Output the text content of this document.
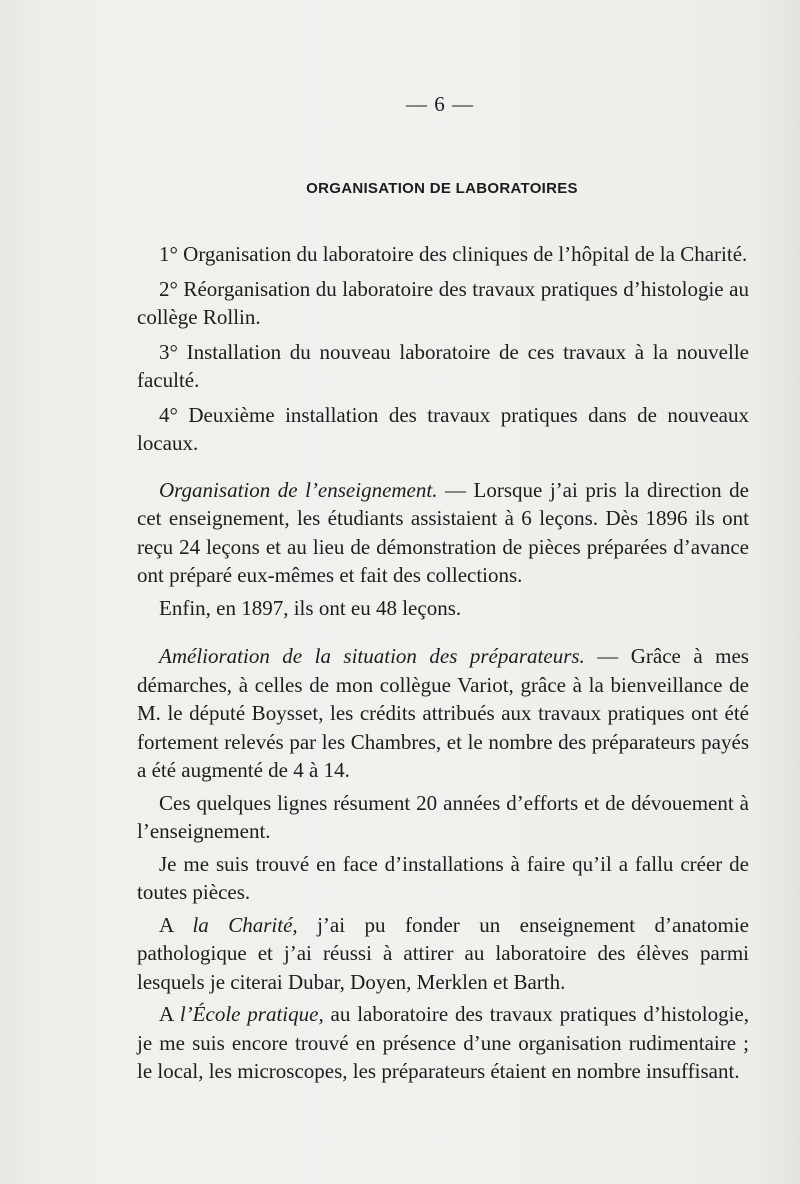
— 6 —
ORGANISATION DE LABORATOIRES

1° Organisation du laboratoire des cliniques de l’hôpital de la Charité.

2° Réorganisation du laboratoire des travaux pratiques d’histologie au collège Rollin.

3° Installation du nouveau laboratoire de ces travaux à la nouvelle faculté.

4° Deuxième installation des travaux pratiques dans de nouveaux locaux.

Organisation de l’enseignement. — Lorsque j’ai pris la direction de cet enseignement, les étudiants assistaient à 6 leçons. Dès 1896 ils ont reçu 24 leçons et au lieu de démonstration de pièces préparées d’avance ont préparé eux-mêmes et fait des collections.

Enfin, en 1897, ils ont eu 48 leçons.

Amélioration de la situation des préparateurs. — Grâce à mes démarches, à celles de mon collègue Variot, grâce à la bienveillance de M. le député Boysset, les crédits attribués aux travaux pratiques ont été fortement relevés par les Chambres, et le nombre des préparateurs payés a été augmenté de 4 à 14.

Ces quelques lignes résument 20 années d’efforts et de dévouement à l’enseignement.

Je me suis trouvé en face d’installations à faire qu’il a fallu créer de toutes pièces.

A la Charité, j’ai pu fonder un enseignement d’anatomie pathologique et j’ai réussi à attirer au laboratoire des élèves parmi lesquels je citerai Dubar, Doyen, Merklen et Barth.

A l’École pratique, au laboratoire des travaux pratiques d’histologie, je me suis encore trouvé en présence d’une organisation rudimentaire ; le local, les microscopes, les préparateurs étaient en nombre insuffisant.
